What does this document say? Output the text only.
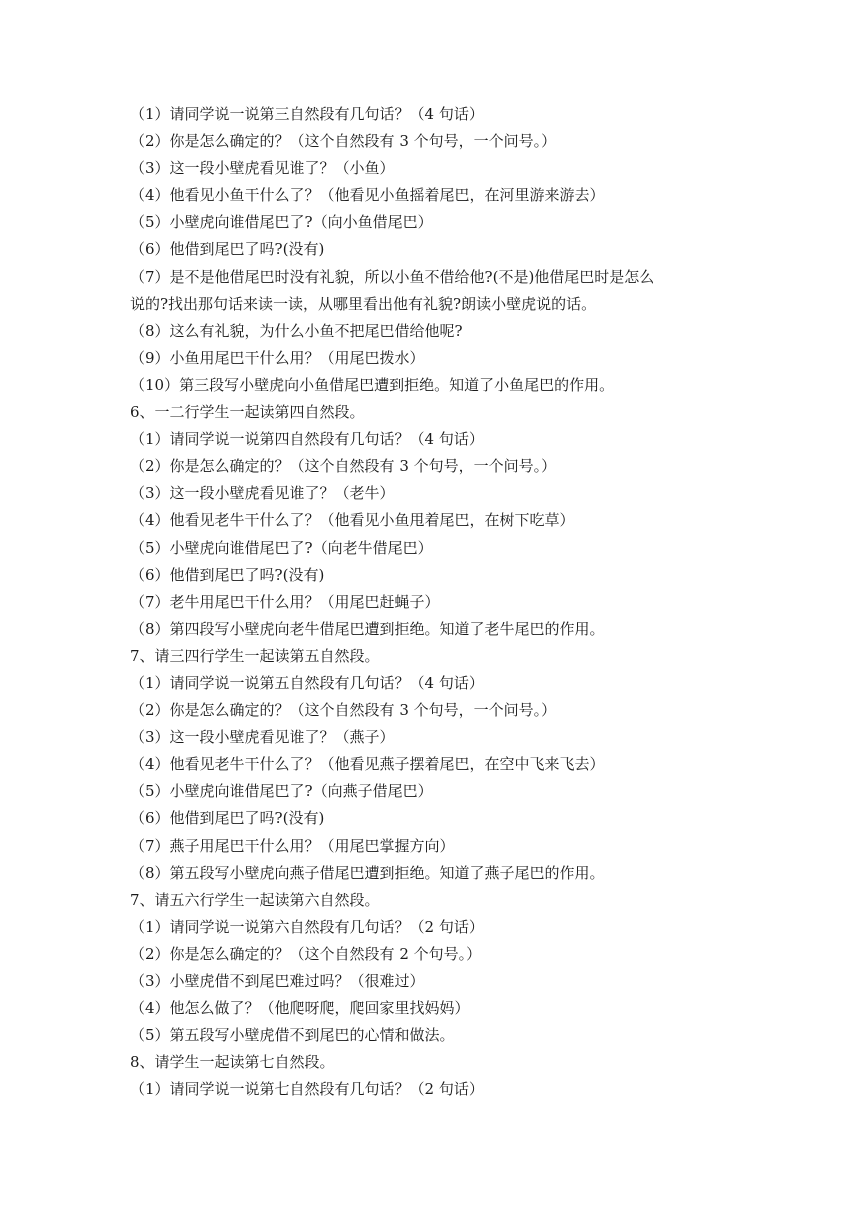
（1）请同学说一说第三自然段有几句话？（4 句话）

（2）你是怎么确定的？（这个自然段有 3 个句号，一个问号。）

（3）这一段小壁虎看见谁了？（小鱼）

（4）他看见小鱼干什么了？（他看见小鱼摇着尾巴，在河里游来游去）

（5）小壁虎向谁借尾巴了?（向小鱼借尾巴）

（6）他借到尾巴了吗?(没有)

（7）是不是他借尾巴时没有礼貌，所以小鱼不借给他?(不是)他借尾巴时是怎么

说的?找出那句话来读一读，从哪里看出他有礼貌?朗读小壁虎说的话。

（8）这么有礼貌，为什么小鱼不把尾巴借给他呢?

（9）小鱼用尾巴干什么用？（用尾巴拨水）

（10）第三段写小壁虎向小鱼借尾巴遭到拒绝。知道了小鱼尾巴的作用。

6、一二行学生一起读第四自然段。

（1）请同学说一说第四自然段有几句话？（4 句话）

（2）你是怎么确定的？（这个自然段有 3 个句号，一个问号。）

（3）这一段小壁虎看见谁了？（老牛）

（4）他看见老牛干什么了？（他看见小鱼甩着尾巴，在树下吃草）

（5）小壁虎向谁借尾巴了?（向老牛借尾巴）

（6）他借到尾巴了吗?(没有)

（7）老牛用尾巴干什么用？（用尾巴赶蝇子）

（8）第四段写小壁虎向老牛借尾巴遭到拒绝。知道了老牛尾巴的作用。

7、请三四行学生一起读第五自然段。

（1）请同学说一说第五自然段有几句话？（4 句话）

（2）你是怎么确定的？（这个自然段有 3 个句号，一个问号。）

（3）这一段小壁虎看见谁了？（燕子）

（4）他看见老牛干什么了？（他看见燕子摆着尾巴，在空中飞来飞去）

（5）小壁虎向谁借尾巴了?（向燕子借尾巴）

（6）他借到尾巴了吗?(没有)

（7）燕子用尾巴干什么用？（用尾巴掌握方向）

（8）第五段写小壁虎向燕子借尾巴遭到拒绝。知道了燕子尾巴的作用。

7、请五六行学生一起读第六自然段。

（1）请同学说一说第六自然段有几句话？（2 句话）

（2）你是怎么确定的？（这个自然段有 2 个句号。）

（3）小壁虎借不到尾巴难过吗？（很难过）

（4）他怎么做了？（他爬呀爬，爬回家里找妈妈）

（5）第五段写小壁虎借不到尾巴的心情和做法。

8、请学生一起读第七自然段。

（1）请同学说一说第七自然段有几句话？（2 句话）
